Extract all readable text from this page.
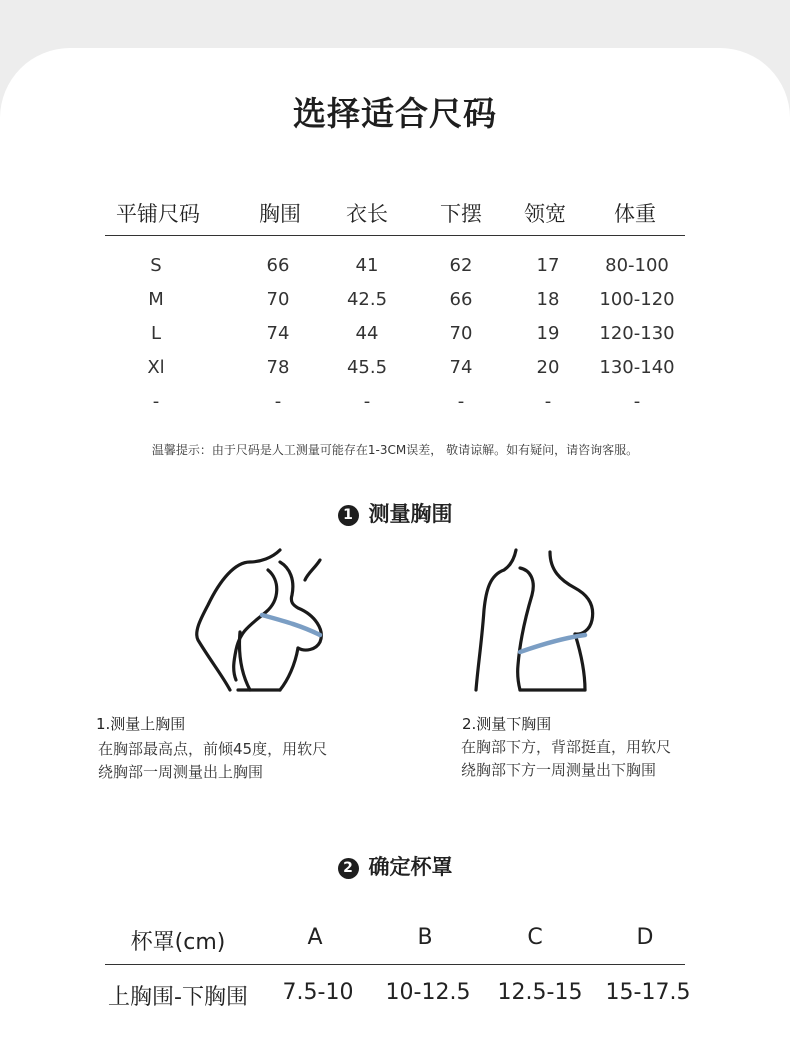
选择适合尺码
平铺尺码	胸围 衣长 下摆 领宽 体重
S	66	41	62	17	80-100
M	70	42.5	66	18 100-120
L	74	44	70	19 120-130
Xl	78	45.5	74	20 130-140
-	-	-	-	-	-
温馨提示：由于尺码是人工测量可能存在1-3CM误差， 敬请谅解。如有疑问，请咨询客服。
1 测量胸围
1.测量上胸围
在胸部最高点，前倾45度，用软尺
绕胸部一周测量出上胸围
2.测量下胸围
在胸部下方，背部挺直，用软尺
绕胸部下方一周测量出下胸围
2 确定杯罩
杯罩(cm)	A	B	C	D
上胸围-下胸围 7.5-10 10-12.5 12.5-15 15-17.5
